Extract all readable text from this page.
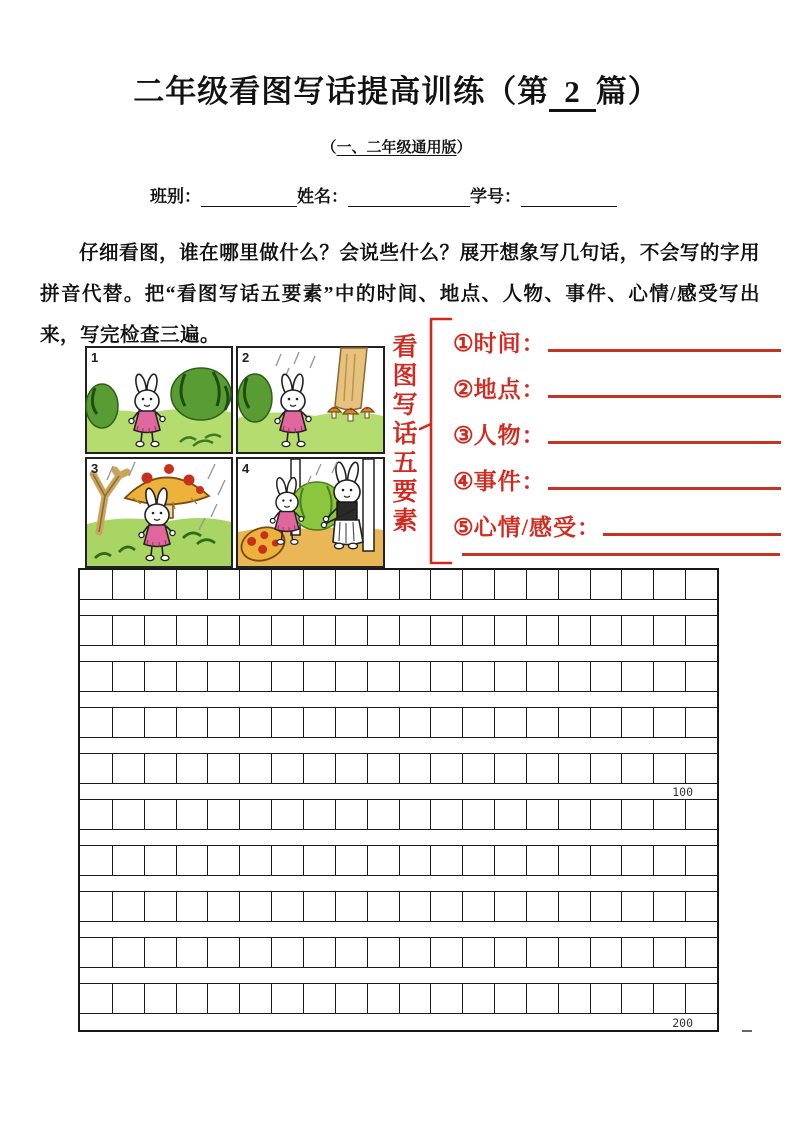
二年级看图写话提高训练（第 2 篇）
（一、二年级通用版）
班别：	姓名：	学号：
仔细看图，谁在哪里做什么？会说些什么？展开想象写几句话，不会写的字用拼音代替。把“看图写话五要素”中的时间、地点、人物、事件、心情/感受写出来，写完检查三遍。
1	2
3	4	看图写话五要素 ① 时间：
② 地点：
③ 人物：
④ 事件：
⑤ 心情/感受：
100
200
